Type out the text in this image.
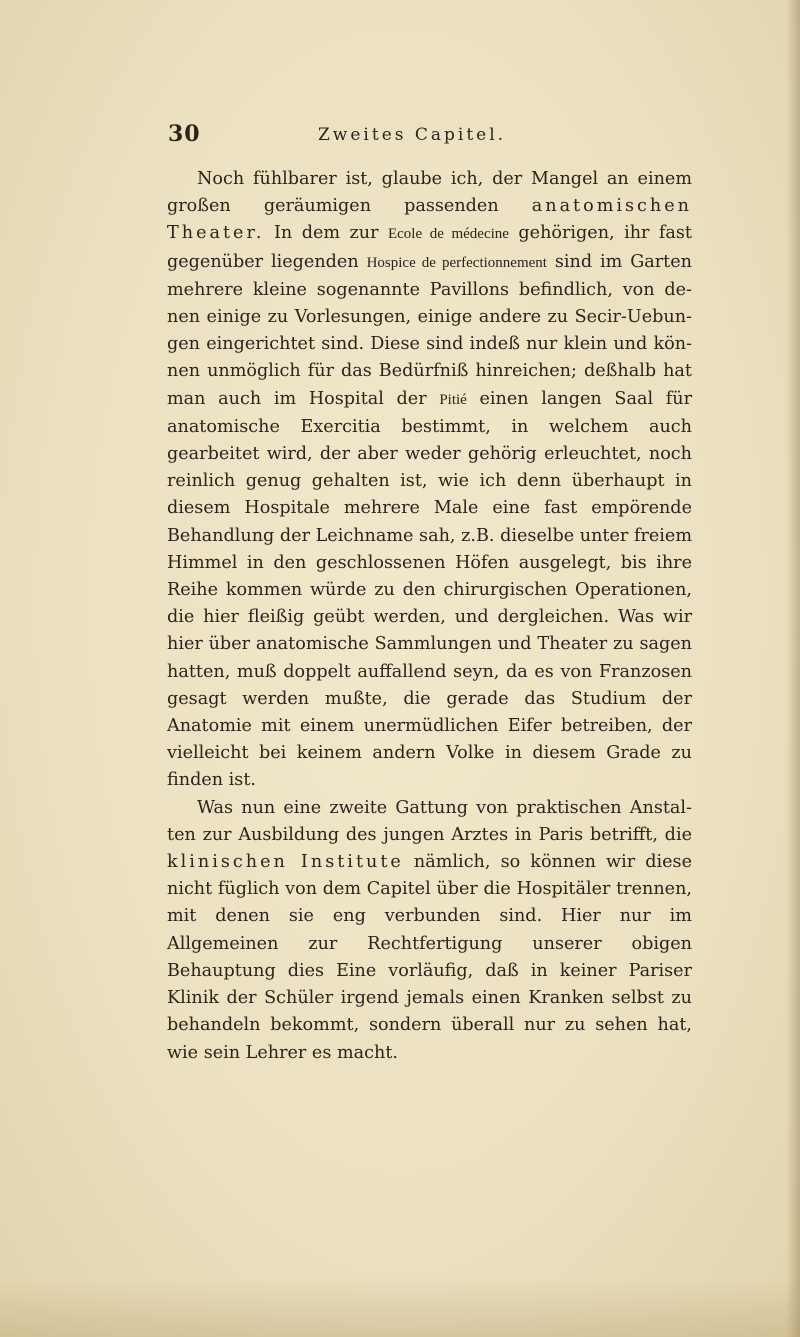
30	Zweites Capitel.

Noch fühlbarer ist, glaube ich, der Mangel an einem großen geräumigen passenden anatomischen Theater. In dem zur Ecole de médecine gehörigen, ihr fast gegenüber liegenden Hospice de perfectionnement sind im Garten mehrere kleine sogenannte Pavillons befindlich, von denen einige zu Vorlesungen, einige andere zu Secir-Uebungen eingerichtet sind. Diese sind indeß nur klein und können unmöglich für das Bedürfniß hinreichen; deßhalb hat man auch im Hospital der Pitié einen langen Saal für anatomische Exercitia bestimmt, in welchem auch gearbeitet wird, der aber weder gehörig erleuchtet, noch reinlich genug gehalten ist, wie ich denn überhaupt in diesem Hospitale mehrere Male eine fast empörende Behandlung der Leichname sah, z.B. dieselbe unter freiem Himmel in den geschlossenen Höfen ausgelegt, bis ihre Reihe kommen würde zu den chirurgischen Operationen, die hier fleißig geübt werden, und dergleichen. Was wir hier über anatomische Sammlungen und Theater zu sagen hatten, muß doppelt auffallend seyn, da es von Franzosen gesagt werden mußte, die gerade das Studium der Anatomie mit einem unermüdlichen Eifer betreiben, der vielleicht bei keinem andern Volke in diesem Grade zu finden ist.

Was nun eine zweite Gattung von praktischen Anstalten zur Ausbildung des jungen Arztes in Paris betrifft, die klinischen Institute nämlich, so können wir diese nicht füglich von dem Capitel über die Hospitäler trennen, mit denen sie eng verbunden sind. Hier nur im Allgemeinen zur Rechtfertigung unserer obigen Behauptung dies Eine vorläufig, daß in keiner Pariser Klinik der Schüler irgend jemals einen Kranken selbst zu behandeln bekommt, sondern überall nur zu sehen hat, wie sein Lehrer es macht.
